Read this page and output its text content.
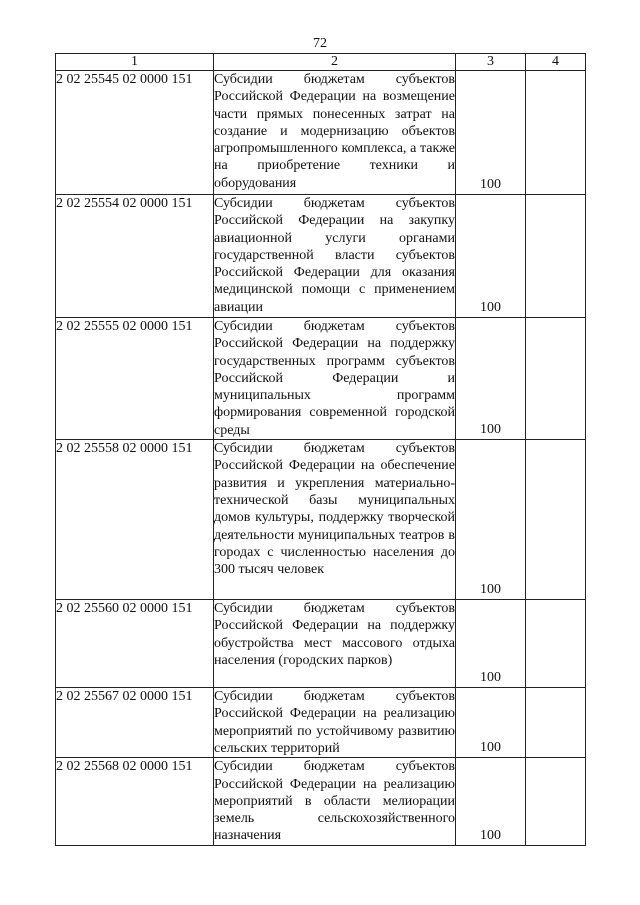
72
1	2	3	4
2 02 25545 02 0000 151	Субсидии бюджетам субъектов Российской Федерации на возмещение части прямых понесенных затрат на создание и модернизацию объектов агропромышленного комплекса, а также на приобретение техники и оборудования	100	

2 02 25554 02 0000 151	Субсидии бюджетам субъектов Российской Федерации на закупку авиационной услуги органами государственной власти субъектов Российской Федерации для оказания медицинской помощи с применением авиации	100	

2 02 25555 02 0000 151	Субсидии бюджетам субъектов Российской Федерации на поддержку государственных программ субъектов Российской Федерации и муниципальных программ формирования современной городской среды	100	

2 02 25558 02 0000 151	Субсидии бюджетам субъектов Российской Федерации на обеспечение развития и укрепления материально-технической базы муниципальных домов культуры, поддержку творческой деятельности муниципальных театров в городах с численностью населения до 300 тысяч человек	100	

2 02 25560 02 0000 151	Субсидии бюджетам субъектов Российской Федерации на поддержку обустройства мест массового отдыха населения (городских парков)	100	

2 02 25567 02 0000 151	Субсидии бюджетам субъектов Российской Федерации на реализацию мероприятий по устойчивому развитию сельских территорий	100	

2 02 25568 02 0000 151	Субсидии бюджетам субъектов Российской Федерации на реализацию мероприятий в области мелиорации земель сельскохозяйственного назначения	100	
